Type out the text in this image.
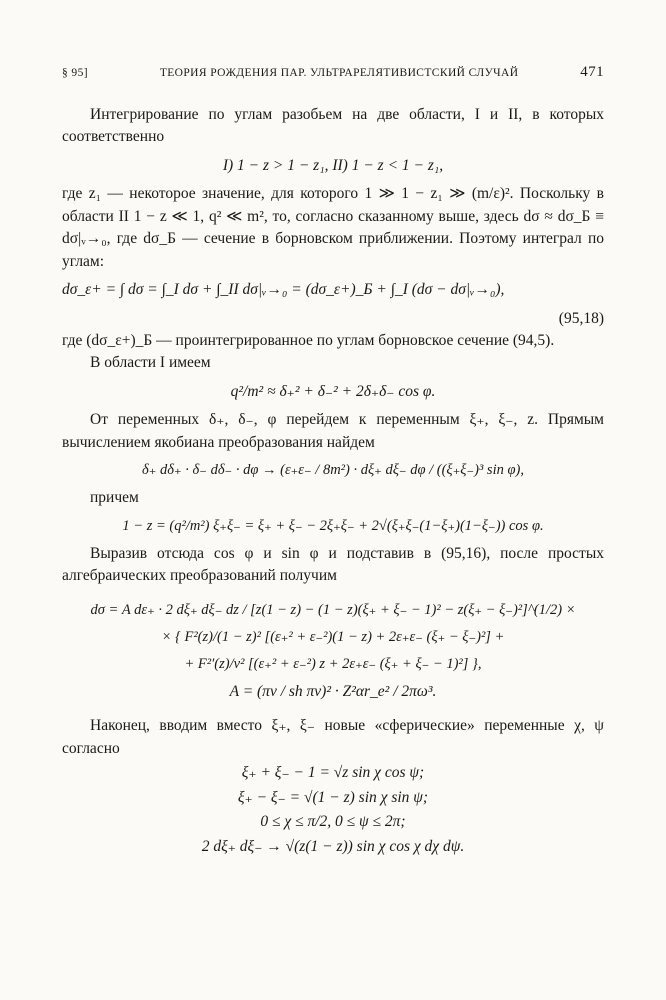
§ 95]	ТЕОРИЯ РОЖДЕНИЯ ПАР. УЛЬТРАРЕЛЯТИВИСТСКИЙ СЛУЧАЙ	471

Интегрирование по углам разобьем на две области, I и II, в которых соответственно

I) 1 − z > 1 − z₁, II) 1 − z < 1 − z₁,

где z₁ — некоторое значение, для которого 1 ≫ 1 − z₁ ≫ (m/ε)². Поскольку в области II 1 − z ≪ 1, q² ≪ m², то, согласно сказанному выше, здесь dσ ≈ dσ_Б ≡ dσ|ᵥ→₀, где dσ_Б — сечение в борновском приближении. Поэтому интеграл по углам:

dσ_ε+ = ∫ dσ = ∫_I dσ + ∫_II dσ|ᵥ→₀ = (dσ_ε+)_Б + ∫_I (dσ − dσ|ᵥ→₀),
(95,18)

где (dσ_ε+)_Б — проинтегрированное по углам борновское сечение (94,5).

В области I имеем

q²/m² ≈ δ₊² + δ₋² + 2δ₊δ₋ cos φ.

От переменных δ₊, δ₋, φ перейдем к переменным ξ₊, ξ₋, z. Прямым вычислением якобиана преобразования найдем

δ₊ dδ₊ · δ₋ dδ₋ · dφ → (ε₊ε₋ / 8m²) · dξ₊ dξ₋ dφ / ((ξ₊ξ₋)³ sin φ),

причем

1 − z = (q²/m²) ξ₊ξ₋ = ξ₊ + ξ₋ − 2ξ₊ξ₋ + 2√(ξ₊ξ₋(1−ξ₊)(1−ξ₋)) cos φ.

Выразив отсюда cos φ и sin φ и подставив в (95,16), после простых алгебраических преобразований получим

dσ = A dε₊ · 2 dξ₊ dξ₋ dz / [z(1 − z) − (1 − z)(ξ₊ + ξ₋ − 1)² − z(ξ₊ − ξ₋)²]^(1/2) ×
× { F²(z)/(1 − z)² [(ε₊² + ε₋²)(1 − z) + 2ε₊ε₋ (ξ₊ − ξ₋)²] +
+ F²′(z)/ν² [(ε₊² + ε₋²) z + 2ε₊ε₋ (ξ₊ + ξ₋ − 1)²] },
A = (πν / sh πν)² · Z²αr_e² / 2πω³.

Наконец, вводим вместо ξ₊, ξ₋ новые «сферические» переменные χ, ψ согласно

ξ₊ + ξ₋ − 1 = √z sin χ cos ψ;

ξ₊ − ξ₋ = √(1 − z) sin χ sin ψ;

0 ≤ χ ≤ π/2, 0 ≤ ψ ≤ 2π;

2 dξ₊ dξ₋ → √(z(1 − z)) sin χ cos χ dχ dψ.
